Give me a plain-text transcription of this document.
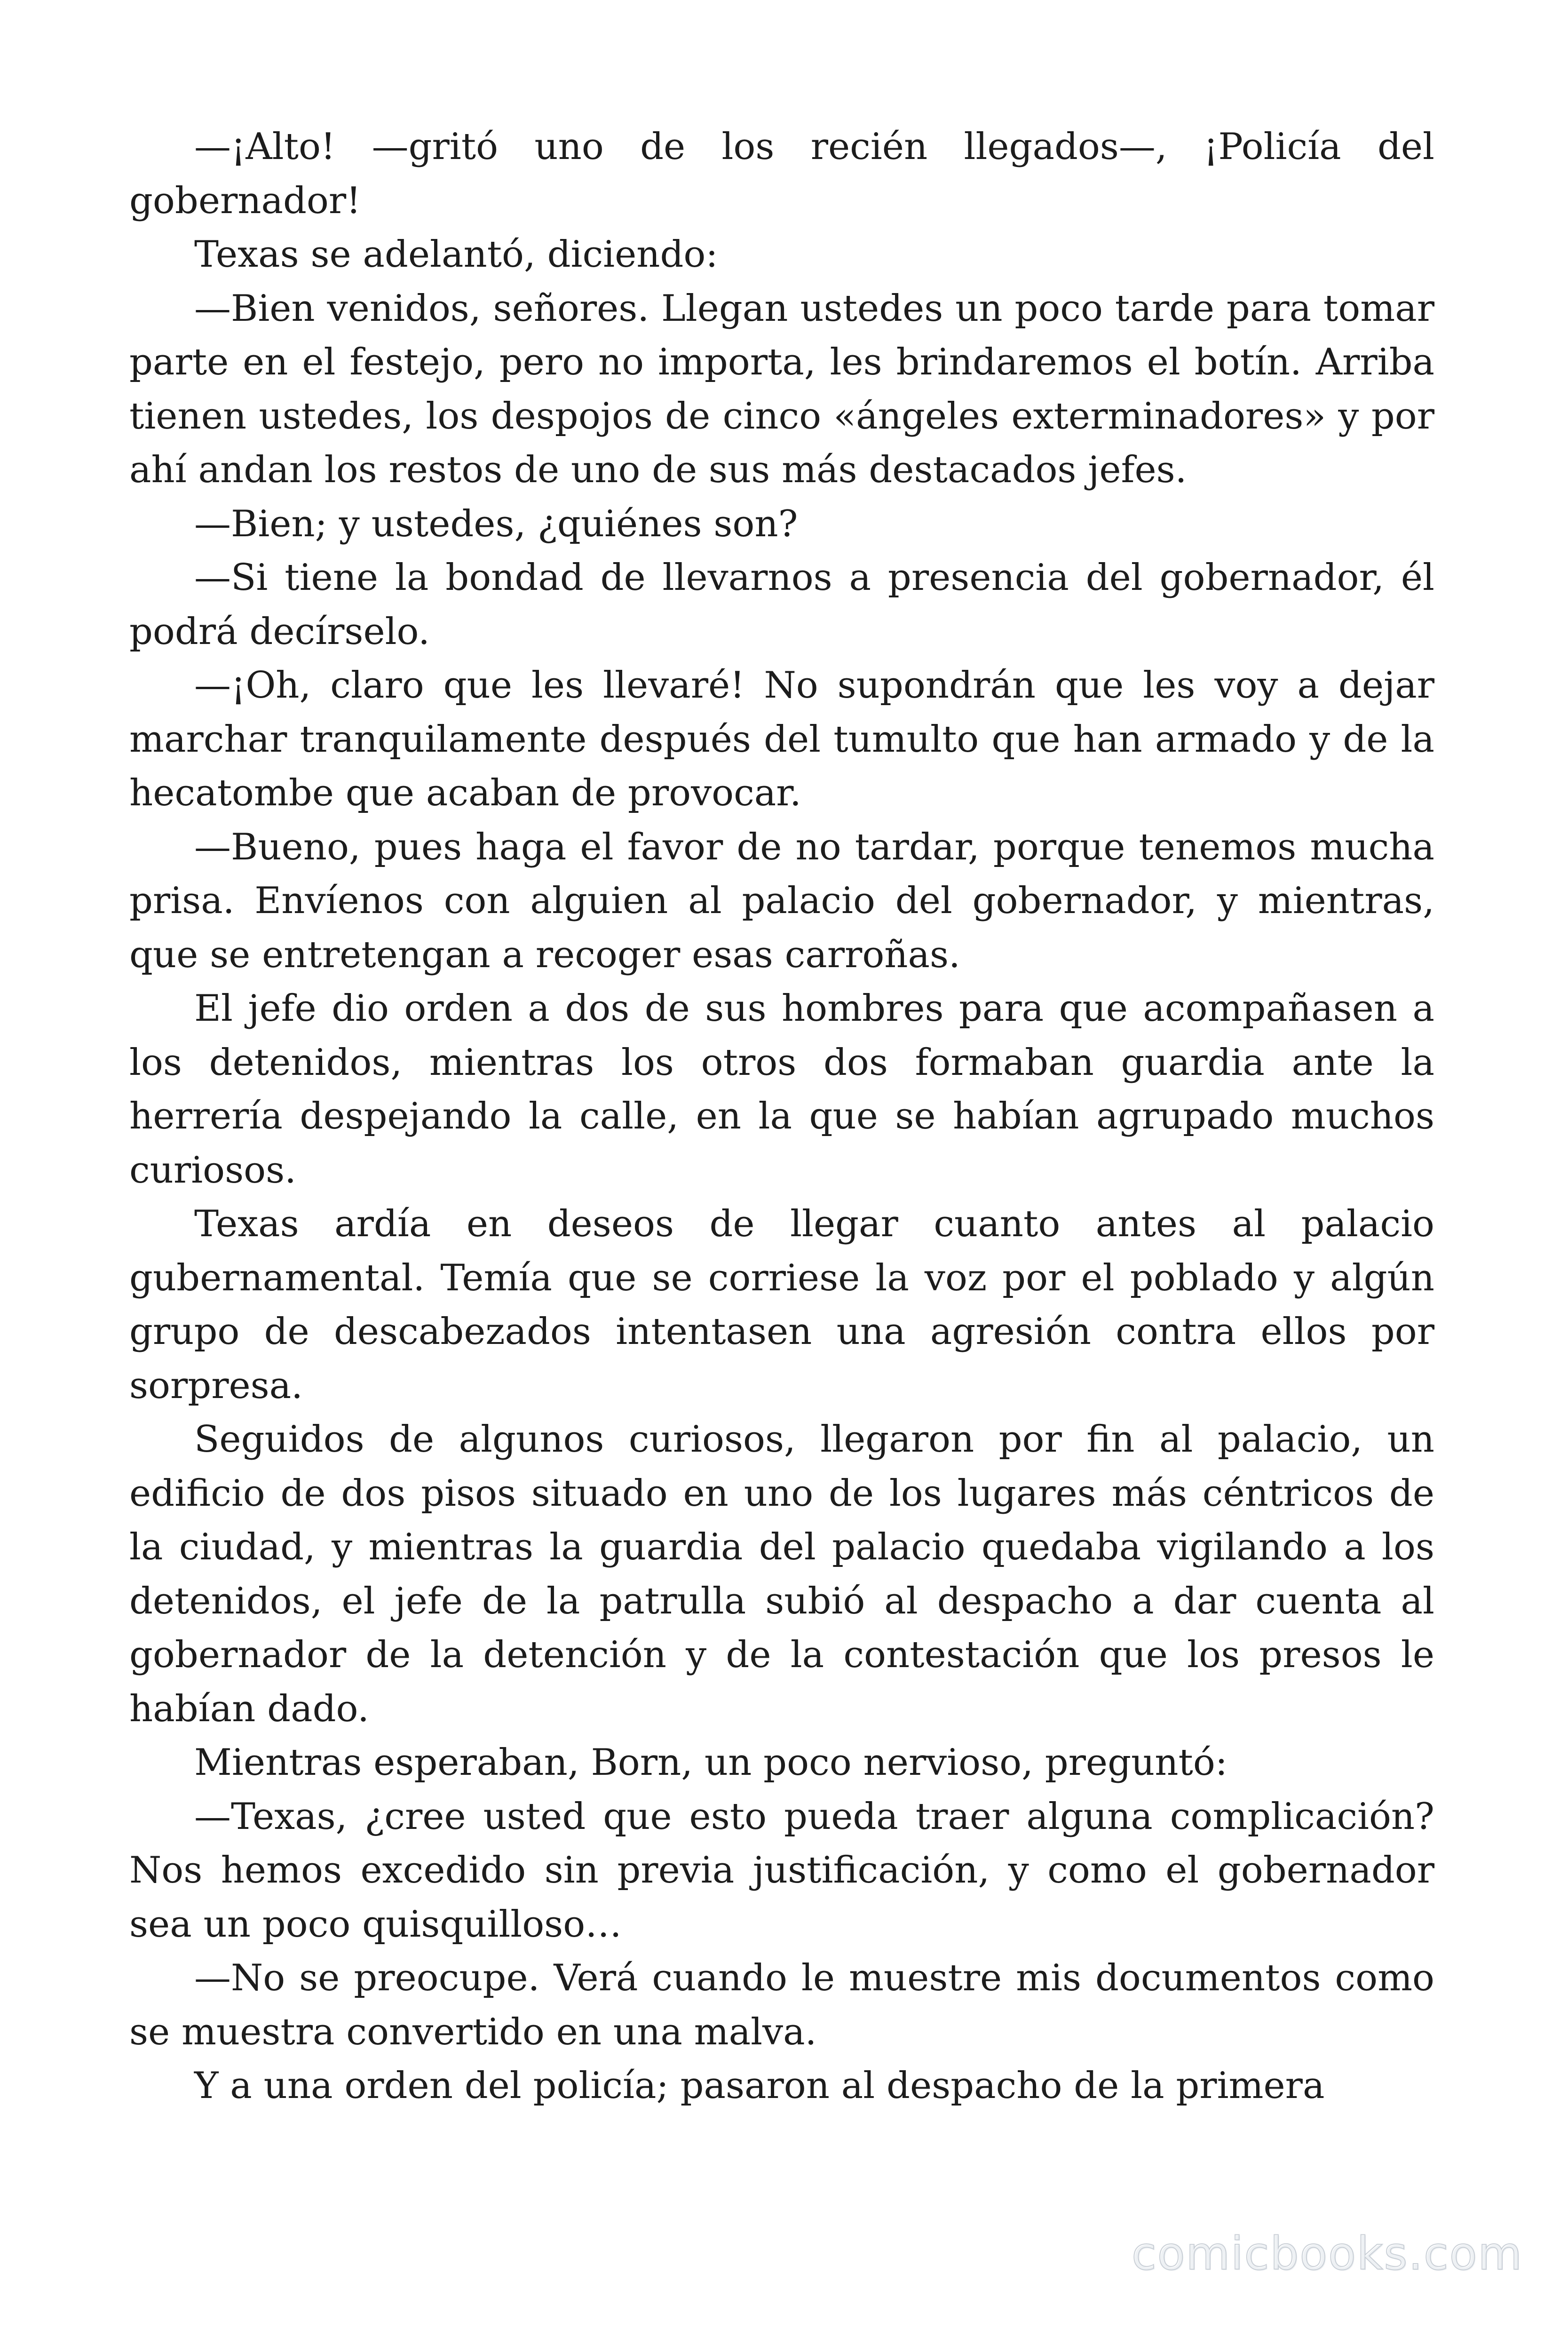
—¡Alto! —gritó uno de los recién llegados—, ¡Policía del gobernador!

Texas se adelantó, diciendo:

—Bien venidos, señores. Llegan ustedes un poco tarde para tomar parte en el festejo, pero no importa, les brindaremos el botín. Arriba tienen ustedes, los despojos de cinco «ángeles exterminadores» y por ahí andan los restos de uno de sus más destacados jefes.

—Bien; y ustedes, ¿quiénes son?

—Si tiene la bondad de llevarnos a presencia del gobernador, él podrá decírselo.

—¡Oh, claro que les llevaré! No supondrán que les voy a dejar marchar tranquilamente después del tumulto que han armado y de la hecatombe que acaban de provocar.

—Bueno, pues haga el favor de no tardar, porque tenemos mucha prisa. Envíenos con alguien al palacio del gobernador, y mientras, que se entretengan a recoger esas carroñas.

El jefe dio orden a dos de sus hombres para que acompañasen a los detenidos, mientras los otros dos formaban guardia ante la herrería despejando la calle, en la que se habían agrupado muchos curiosos.

Texas ardía en deseos de llegar cuanto antes al palacio gubernamental. Temía que se corriese la voz por el poblado y algún grupo de descabezados intentasen una agresión contra ellos por sorpresa.

Seguidos de algunos curiosos, llegaron por fin al palacio, un edificio de dos pisos situado en uno de los lugares más céntricos de la ciudad, y mientras la guardia del palacio quedaba vigilando a los detenidos, el jefe de la patrulla subió al despacho a dar cuenta al gobernador de la detención y de la contestación que los presos le habían dado.

Mientras esperaban, Born, un poco nervioso, preguntó:

—Texas, ¿cree usted que esto pueda traer alguna complicación? Nos hemos excedido sin previa justificación, y como el gobernador sea un poco quisquilloso…

—No se preocupe. Verá cuando le muestre mis documentos como se muestra convertido en una malva.

Y a una orden del policía; pasaron al despacho de la primera

comicbooks.com
